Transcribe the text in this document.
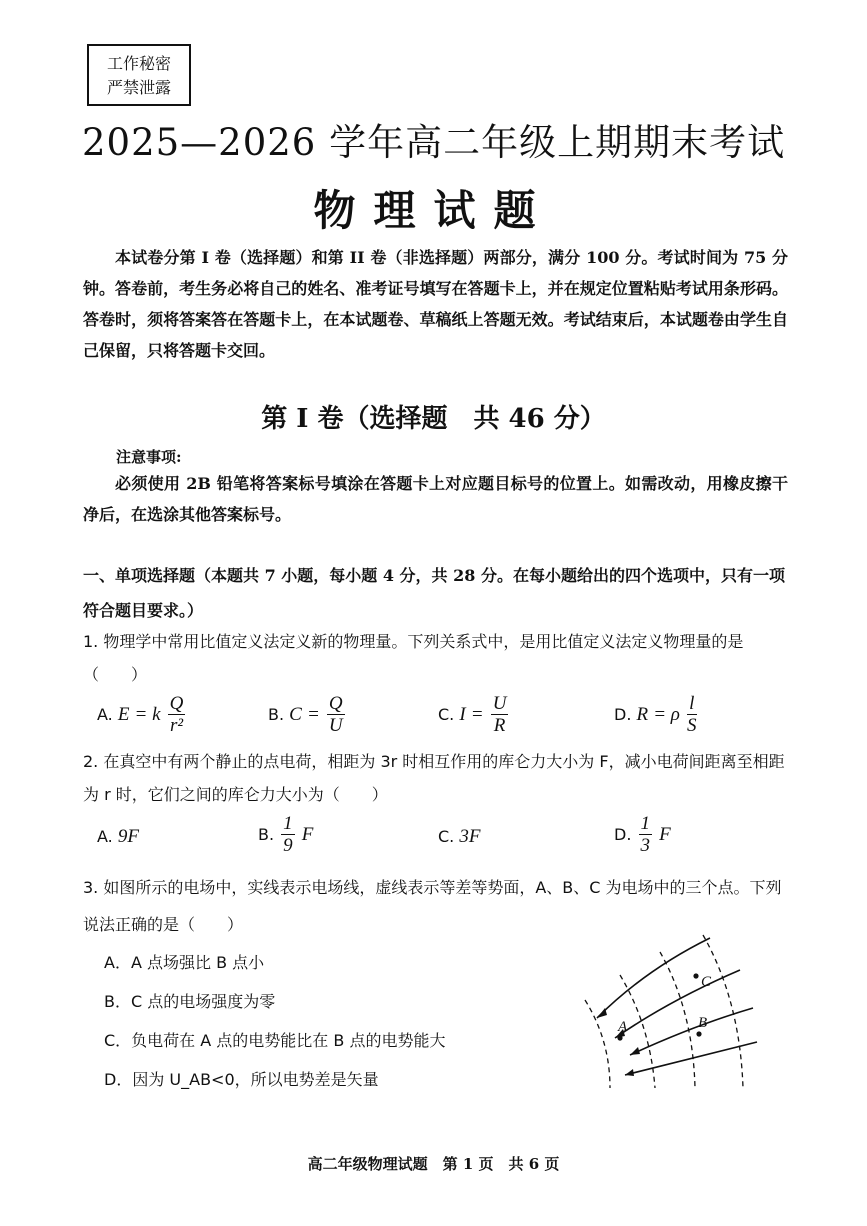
工作秘密
严禁泄露
2025—2026 学年高二年级上期期末考试
物理试题
本试卷分第 I 卷（选择题）和第 II 卷（非选择题）两部分，满分 100 分。考试时间为 75 分钟。答卷前，考生务必将自己的姓名、准考证号填写在答题卡上，并在规定位置粘贴考试用条形码。答卷时，须将答案答在答题卡上，在本试题卷、草稿纸上答题无效。考试结束后，本试题卷由学生自己保留，只将答题卡交回。
第 I 卷（选择题　共 46 分）
注意事项:
必须使用 2B 铅笔将答案标号填涂在答题卡上对应题目标号的位置上。如需改动，用橡皮擦干净后，在选涂其他答案标号。
一、单项选择题（本题共 7 小题，每小题 4 分，共 28 分。在每小题给出的四个选项中，只有一项符合题目要求。）
1. 物理学中常用比值定义法定义新的物理量。下列关系式中，是用比值定义法定义物理量的是（　　）
A. E = k $\frac{Q}{\text{r²}}$	B. $C = \frac{Q}{U}$	C. $I = \frac{U}{R}$	D. R = ρ $\frac{l}{S}$
2. 在真空中有两个静止的点电荷，相距为 3r 时相互作用的库仑力大小为 F，减小电荷间距离至相距为 r 时，它们之间的库仑力大小为（　　）
A. 9F	B. $\frac{1}{9}$ F	C. 3F	D. $\frac{1}{3}$ F
3. 如图所示的电场中，实线表示电场线，虚线表示等差等势面，A、B、C 为电场中的三个点。下列说法正确的是（　　）
A．A 点场强比 B 点小
B．C 点的电场强度为零
C．负电荷在 A 点的电势能比在 B 点的电势能大
D．因为 U_AB<0，所以电势差是矢量
A	B
C
高二年级物理试题　第 1 页　共 6 页
